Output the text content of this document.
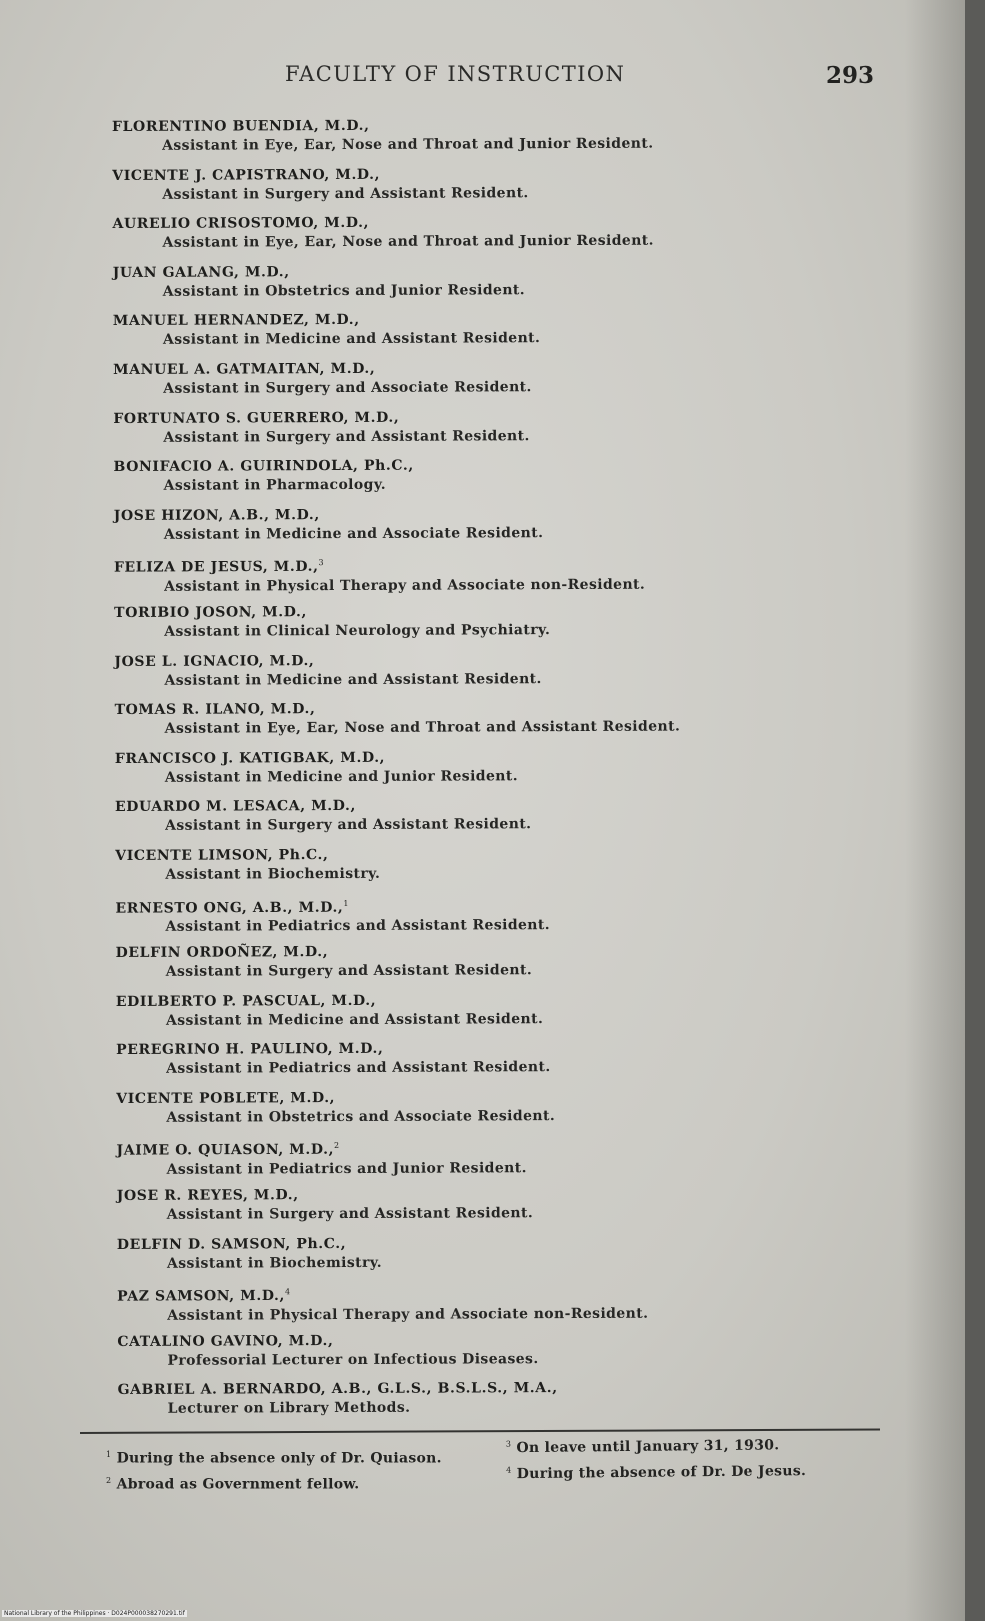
FACULTY OF INSTRUCTION	293
FLORENTINO BUENDIA, M.D.,
Assistant in Eye, Ear, Nose and Throat and Junior Resident.
VICENTE J. CAPISTRANO, M.D.,
Assistant in Surgery and Assistant Resident.
AURELIO CRISOSTOMO, M.D.,
Assistant in Eye, Ear, Nose and Throat and Junior Resident.
JUAN GALANG, M.D.,
Assistant in Obstetrics and Junior Resident.
MANUEL HERNANDEZ, M.D.,
Assistant in Medicine and Assistant Resident.
MANUEL A. GATMAITAN, M.D.,
Assistant in Surgery and Associate Resident.
FORTUNATO S. GUERRERO, M.D.,
Assistant in Surgery and Assistant Resident.
BONIFACIO A. GUIRINDOLA, Ph.C.,
Assistant in Pharmacology.
JOSE HIZON, A.B., M.D.,
Assistant in Medicine and Associate Resident.
FELIZA DE JESUS, M.D.,$^3$
Assistant in Physical Therapy and Associate non-Resident.
TORIBIO JOSON, M.D.,
Assistant in Clinical Neurology and Psychiatry.
JOSE L. IGNACIO, M.D.,
Assistant in Medicine and Assistant Resident.
TOMAS R. ILANO, M.D.,
Assistant in Eye, Ear, Nose and Throat and Assistant Resident.
FRANCISCO J. KATIGBAK, M.D.,
Assistant in Medicine and Junior Resident.
EDUARDO M. LESACA, M.D.,
Assistant in Surgery and Assistant Resident.
VICENTE LIMSON, Ph.C.,
Assistant in Biochemistry.
ERNESTO ONG, A.B., M.D.,$^1$
Assistant in Pediatrics and Assistant Resident.
DELFIN ORDOÑEZ, M.D.,
Assistant in Surgery and Assistant Resident.
EDILBERTO P. PASCUAL, M.D.,
Assistant in Medicine and Assistant Resident.
PEREGRINO H. PAULINO, M.D.,
Assistant in Pediatrics and Assistant Resident.
VICENTE POBLETE, M.D.,
Assistant in Obstetrics and Associate Resident.
JAIME O. QUIASON, M.D.,$^2$
Assistant in Pediatrics and Junior Resident.
JOSE R. REYES, M.D.,
Assistant in Surgery and Assistant Resident.
DELFIN D. SAMSON, Ph.C.,
Assistant in Biochemistry.
PAZ SAMSON, M.D.,$^4$
Assistant in Physical Therapy and Associate non-Resident.
CATALINO GAVINO, M.D.,
Professorial Lecturer on Infectious Diseases.
GABRIEL A. BERNARDO, A.B., G.L.S., B.S.L.S., M.A.,
Lecturer on Library Methods.
$^1$ During the absence only of Dr. Quiason.
$^2$ Abroad as Government fellow.
$^3$ On leave until January 31, 1930.
$^4$ During the absence of Dr. De Jesus.
National Library of the Philippines · D024P000038270291.tif
